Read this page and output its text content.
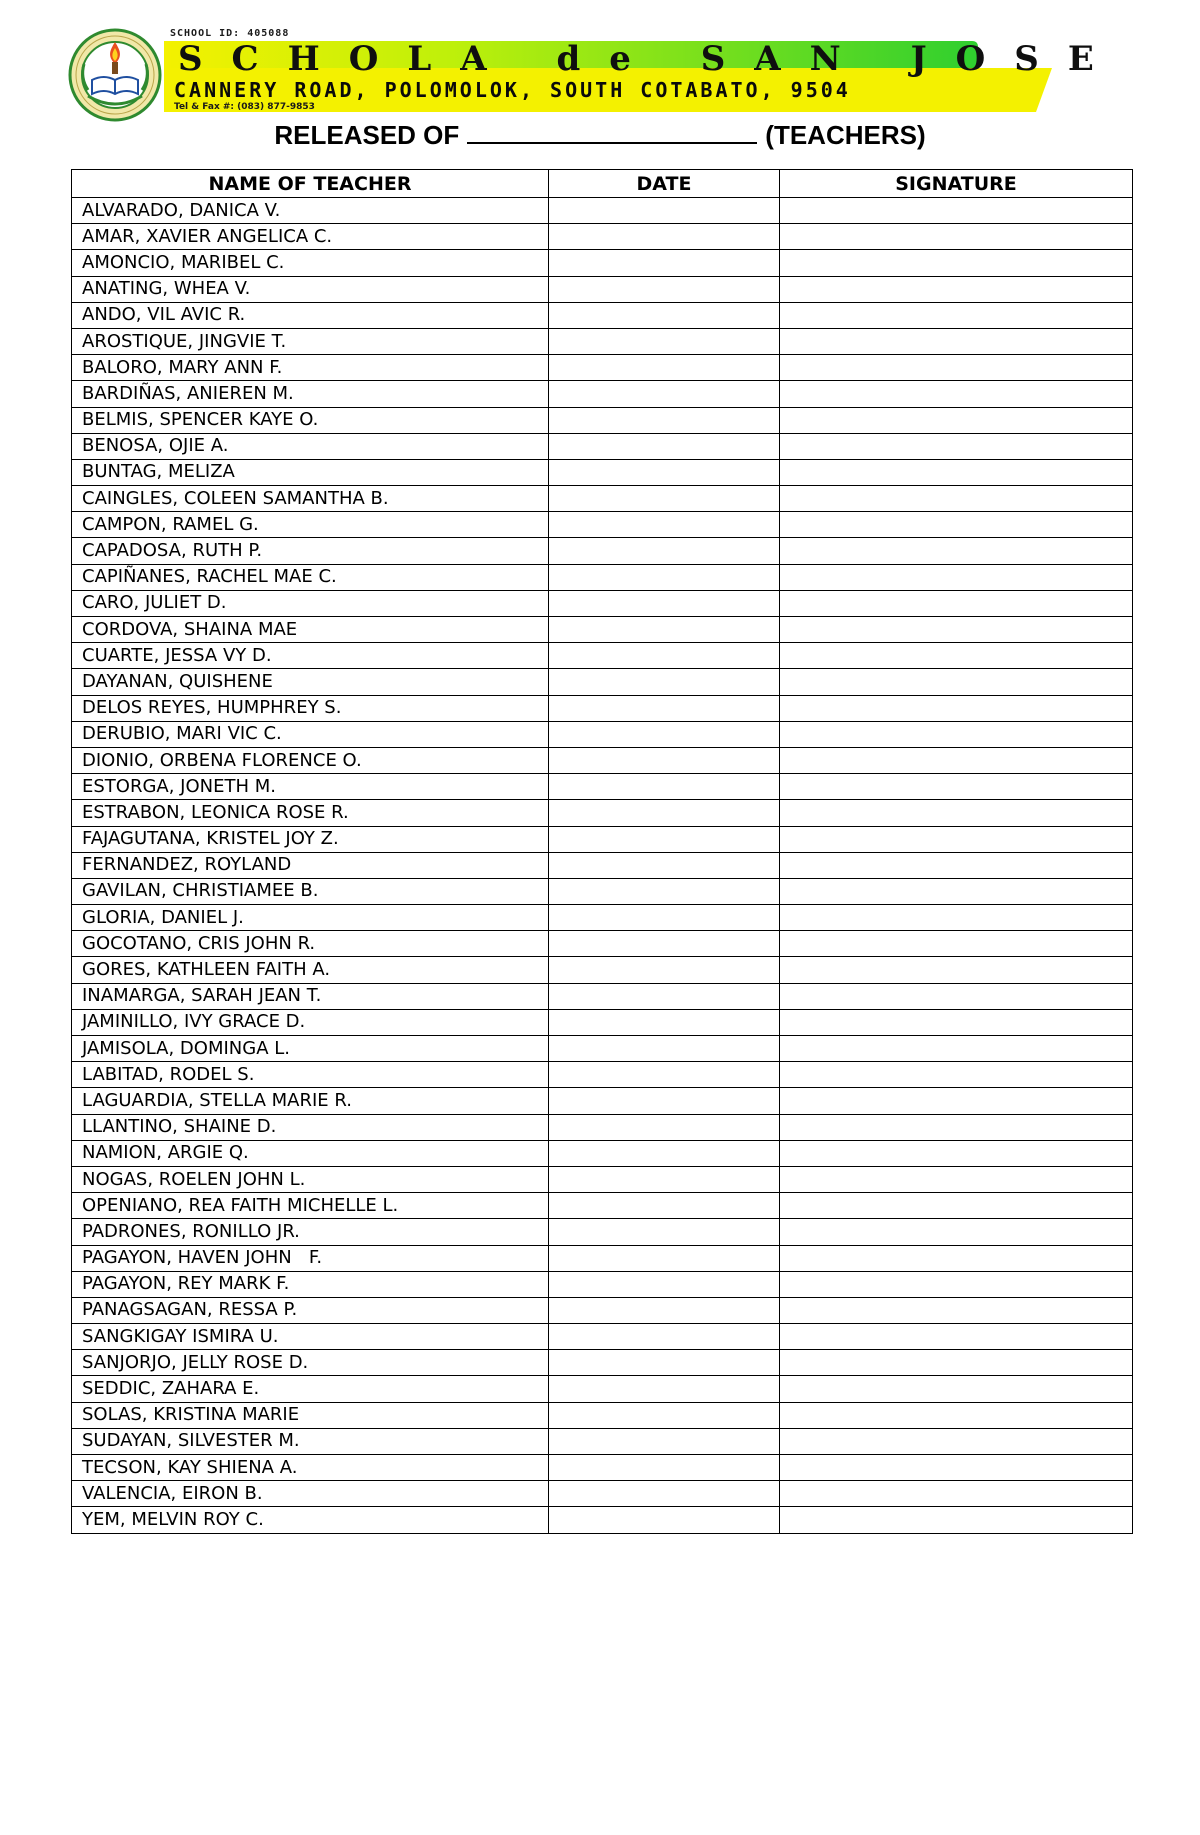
SCHOOL ID: 405088
SCHOLA de SAN JOSE
CANNERY ROAD, POLOMOLOK, SOUTH COTABATO, 9504
Tel & Fax #: (083) 877-9853
RELEASED OF	(TEACHERS)
NAME OF TEACHER	DATE	SIGNATURE
ALVARADO, DANICA V.		
AMAR, XAVIER ANGELICA C.		
AMONCIO, MARIBEL C.		
ANATING, WHEA V.		
ANDO, VIL AVIC R.		
AROSTIQUE, JINGVIE T.		
BALORO, MARY ANN F.		
BARDIÑAS, ANIEREN M.		
BELMIS, SPENCER KAYE O.		
BENOSA, OJIE A.		
BUNTAG, MELIZA		
CAINGLES, COLEEN SAMANTHA B.		
CAMPON, RAMEL G.		
CAPADOSA, RUTH P.		
CAPIÑANES, RACHEL MAE C.		
CARO, JULIET D.		
CORDOVA, SHAINA MAE		
CUARTE, JESSA VY D.		
DAYANAN, QUISHENE		
DELOS REYES, HUMPHREY S.		
DERUBIO, MARI VIC C.		
DIONIO, ORBENA FLORENCE O.		
ESTORGA, JONETH M.		
ESTRABON, LEONICA ROSE R.		
FAJAGUTANA, KRISTEL JOY Z.		
FERNANDEZ, ROYLAND		
GAVILAN, CHRISTIAMEE B.		
GLORIA, DANIEL J.		
GOCOTANO, CRIS JOHN R.		
GORES, KATHLEEN FAITH A.		
INAMARGA, SARAH JEAN T.		
JAMINILLO, IVY GRACE D.		
JAMISOLA, DOMINGA L.		
LABITAD, RODEL S.		
LAGUARDIA, STELLA MARIE R.		
LLANTINO, SHAINE D.		
NAMION, ARGIE Q.		
NOGAS, ROELEN JOHN L.		
OPENIANO, REA FAITH MICHELLE L.		
PADRONES, RONILLO JR.		
PAGAYON, HAVEN JOHN   F.		
PAGAYON, REY MARK F.		
PANAGSAGAN, RESSA P.		
SANGKIGAY ISMIRA U.		
SANJORJO, JELLY ROSE D.		
SEDDIC, ZAHARA E.		
SOLAS, KRISTINA MARIE		
SUDAYAN, SILVESTER M.		
TECSON, KAY SHIENA A.		
VALENCIA, EIRON B.		
YEM, MELVIN ROY C.		
